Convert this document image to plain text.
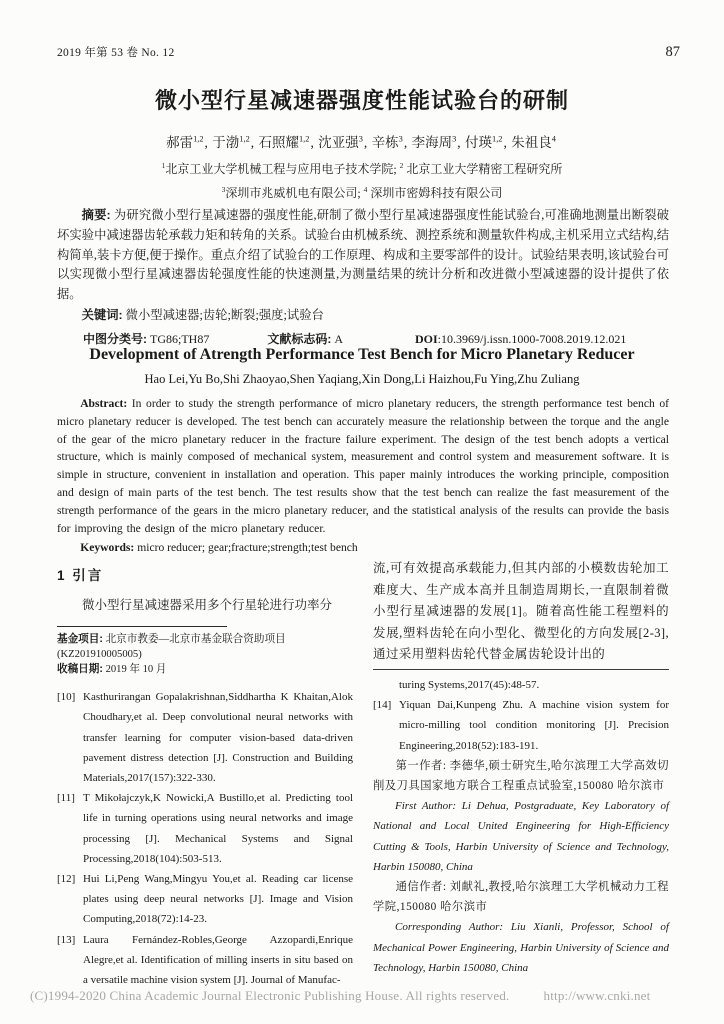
2019 年第 53 卷 No. 12	87
微小型行星减速器强度性能试验台的研制
郝雷$^{1,2}$, 于渤$^{1,2}$, 石照耀$^{1,2}$, 沈亚强$^3$, 辛栋$^3$, 李海周$^3$, 付瑛$^{1,2}$, 朱祖良$^4$
$^1$北京工业大学机械工程与应用电子技术学院; $^2$ 北京工业大学精密工程研究所
$^3$深圳市兆威机电有限公司; $^4$ 深圳市密姆科技有限公司

摘要: 为研究微小型行星减速器的强度性能,研制了微小型行星减速器强度性能试验台,可准确地测量出断裂破坏实验中减速器齿轮承载力矩和转角的关系。试验台由机械系统、测控系统和测量软件构成,主机采用立式结构,结构简单,装卡方便,便于操作。重点介绍了试验台的工作原理、构成和主要零部件的设计。试验结果表明,该试验台可以实现微小型行星减速器齿轮强度性能的快速测量,为测量结果的统计分析和改进微小型减速器的设计提供了依据。

关键词: 微小型减速器;齿轮;断裂;强度;试验台

中图分类号: TG86;TH87	文献标志码: A	DOI:10.3969/j.issn.1000-7008.2019.12.021
Development of Atrength Performance Test Bench for Micro Planetary Reducer
Hao Lei,Yu Bo,Shi Zhaoyao,Shen Yaqiang,Xin Dong,Li Haizhou,Fu Ying,Zhu Zuliang

Abstract: In order to study the strength performance of micro planetary reducers, the strength performance test bench of micro planetary reducer is developed. The test bench can accurately measure the relationship between the torque and the angle of the gear of the micro planetary reducer in the fracture failure experiment. The design of the test bench adopts a vertical structure, which is mainly composed of mechanical system, measurement and control system and measurement software. It is simple in structure, convenient in installation and operation. This paper mainly introduces the working principle, composition and design of main parts of the test bench. The test results show that the test bench can realize the fast measurement of the strength performance of the gears in the micro planetary reducer, and the statistical analysis of the results can provide the basis for improving the design of the micro planetary reducer.

Keywords: micro reducer; gear;fracture;strength;test bench

1 引言

微小型行星减速器采用多个行星轮进行功率分

基金项目: 北京市教委—北京市基金联合资助项目(KZ201910005005)

收稿日期: 2019 年 10 月

[10] Kasthurirangan Gopalakrishnan,Siddhartha K Khaitan,Alok Choudhary,et al. Deep convolutional neural networks with transfer learning for computer vision-based data-driven pavement distress detection [J]. Construction and Building Materials,2017(157):322-330.
[11] T Mikołajczyk,K Nowicki,A Bustillo,et al. Predicting tool life in turning operations using neural networks and image processing [J]. Mechanical Systems and Signal Processing,2018(104):503-513.
[12] Hui Li,Peng Wang,Mingyu You,et al. Reading car license plates using deep neural networks [J]. Image and Vision Computing,2018(72):14-23.
[13] Laura Fernández-Robles,George Azzopardi,Enrique Alegre,et al. Identification of milling inserts in situ based on a versatile machine vision system [J]. Journal of Manufac-

流,可有效提高承载能力,但其内部的小模数齿轮加工难度大、生产成本高并且制造周期长,一直限制着微小型行星减速器的发展[1]。随着高性能工程塑料的发展,塑料齿轮在向小型化、微型化的方向发展[2-3],通过采用塑料齿轮代替金属齿轮设计出的

turing Systems,2017(45):48-57.
[14] Yiquan Dai,Kunpeng Zhu. A machine vision system for micro-milling tool condition monitoring [J]. Precision Engineering,2018(52):183-191.
第一作者: 李德华,硕士研究生,哈尔滨理工大学高效切削及刀具国家地方联合工程重点试验室,150080 哈尔滨市
First Author: Li Dehua, Postgraduate, Key Laboratory of National and Local United Engineering for High-Efficiency Cutting & Tools, Harbin University of Science and Technology, Harbin 150080, China
通信作者: 刘献礼,教授,哈尔滨理工大学机械动力工程学院,150080 哈尔滨市
Corresponding Author: Liu Xianli, Professor, School of Mechanical Power Engineering, Harbin University of Science and Technology, Harbin 150080, China
(C)1994-2020 China Academic Journal Electronic Publishing House. All rights reserved.	http://www.cnki.net
